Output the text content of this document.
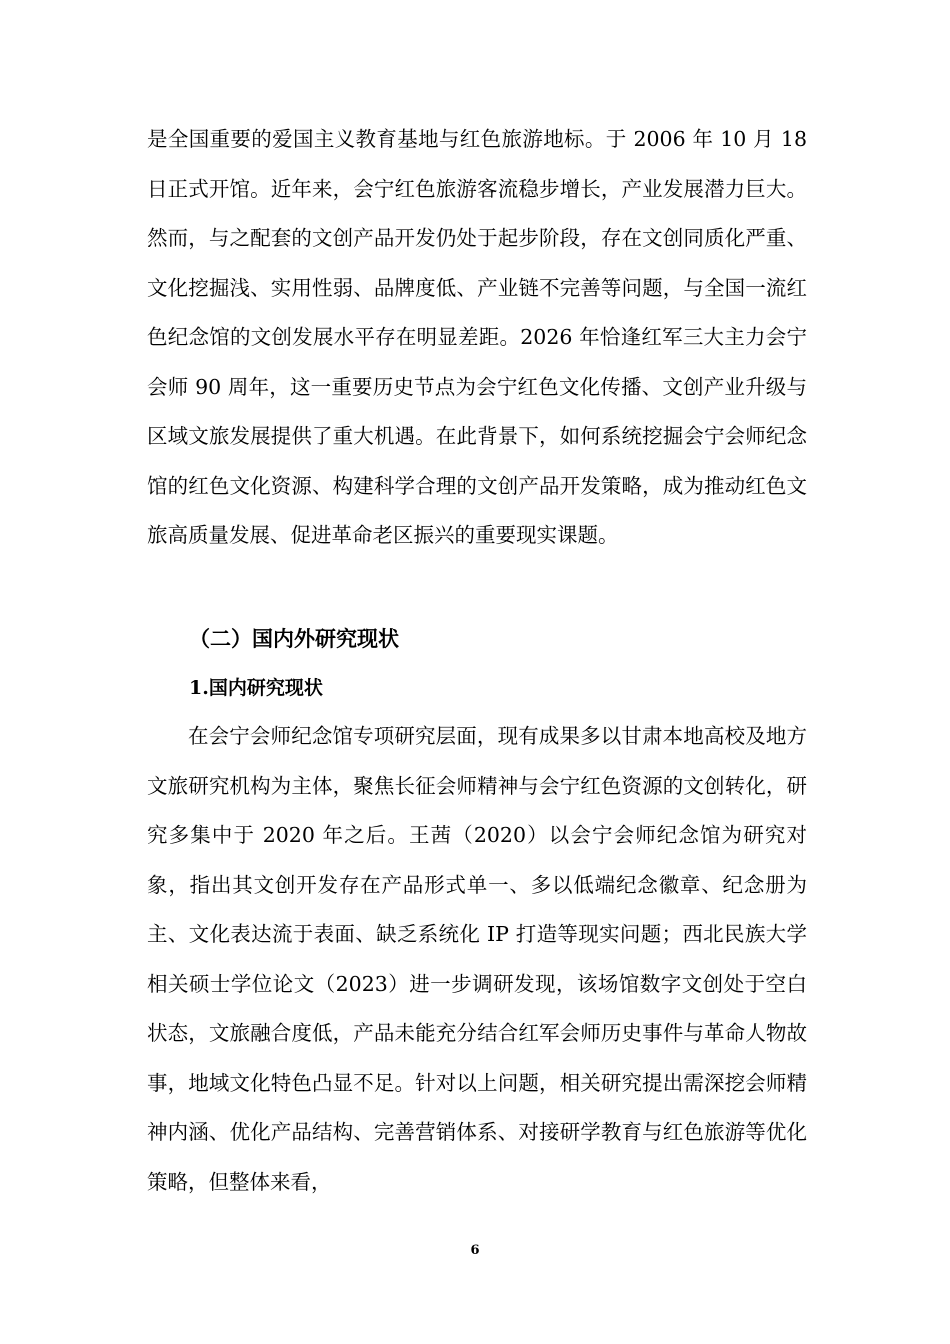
是全国重要的爱国主义教育基地与红色旅游地标。于 2006 年 10 月 18 日正式开馆。近年来，会宁红色旅游客流稳步增长，产业发展潜力巨大。然而，与之配套的文创产品开发仍处于起步阶段，存在文创同质化严重、文化挖掘浅、实用性弱、品牌度低、产业链不完善等问题，与全国一流红色纪念馆的文创发展水平存在明显差距。2026 年恰逢红军三大主力会宁会师 90 周年，这一重要历史节点为会宁红色文化传播、文创产业升级与区域文旅发展提供了重大机遇。在此背景下，如何系统挖掘会宁会师纪念馆的红色文化资源、构建科学合理的文创产品开发策略，成为推动红色文旅高质量发展、促进革命老区振兴的重要现实课题。

（二）国内外研究现状
1.国内研究现状

在会宁会师纪念馆专项研究层面，现有成果多以甘肃本地高校及地方文旅研究机构为主体，聚焦长征会师精神与会宁红色资源的文创转化，研究多集中于 2020 年之后。王茜（2020）以会宁会师纪念馆为研究对象，指出其文创开发存在产品形式单一、多以低端纪念徽章、纪念册为主、文化表达流于表面、缺乏系统化 IP 打造等现实问题；西北民族大学相关硕士学位论文（2023）进一步调研发现，该场馆数字文创处于空白状态，文旅融合度低，产品未能充分结合红军会师历史事件与革命人物故事，地域文化特色凸显不足。针对以上问题，相关研究提出需深挖会师精神内涵、优化产品结构、完善营销体系、对接研学教育与红色旅游等优化策略，但整体来看，

6
